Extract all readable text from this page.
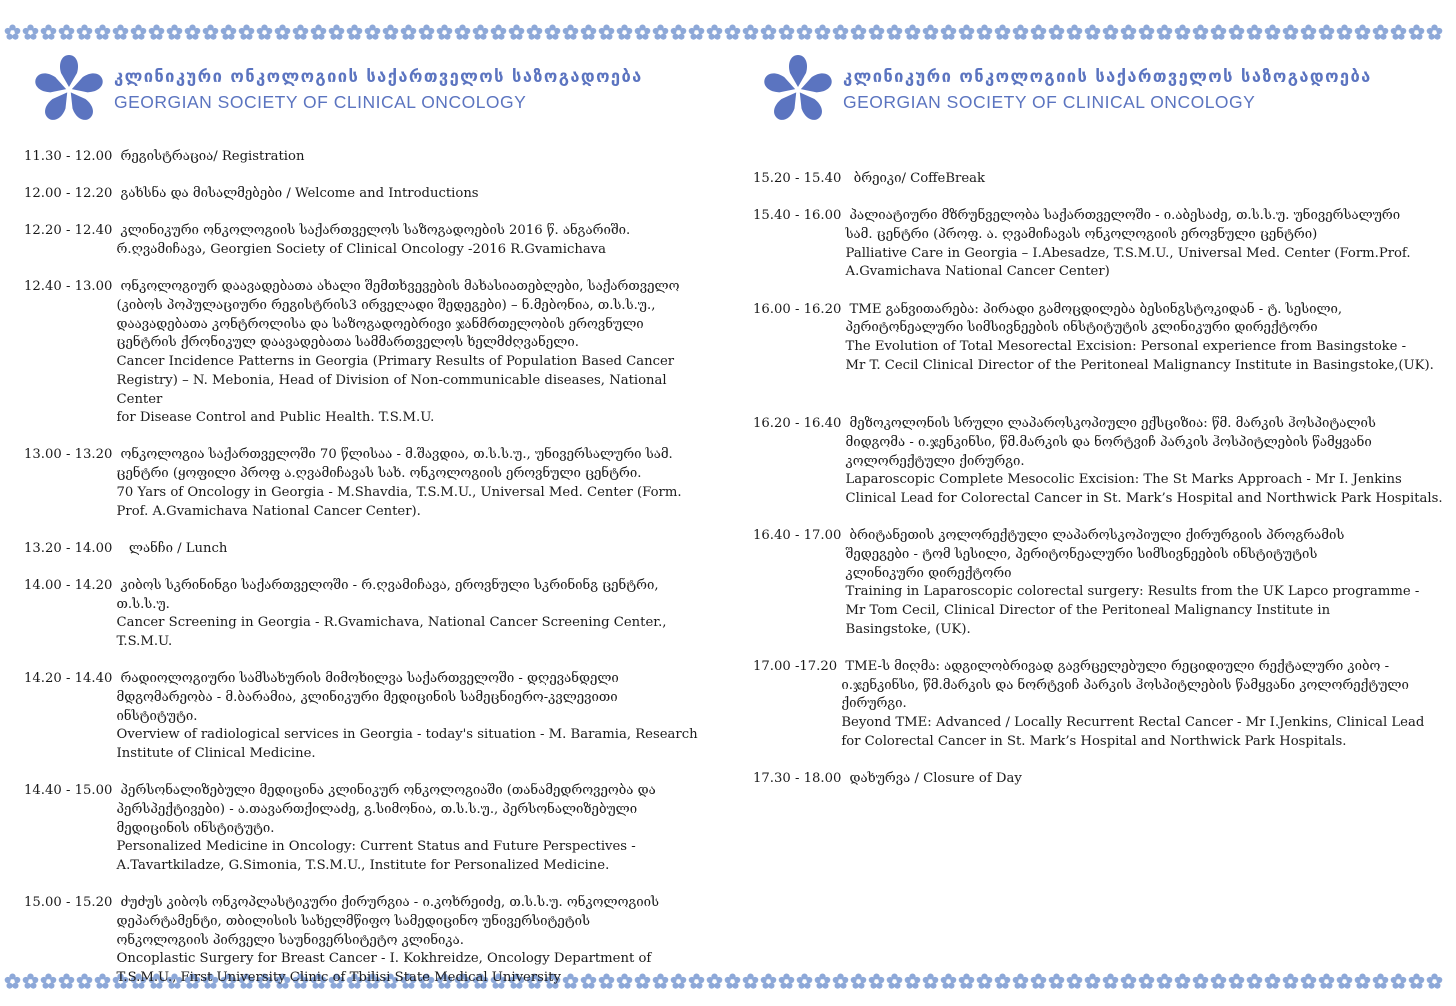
კლინიკური ონკოლოგიის საქართველოს საზოგადოება
GEORGIAN SOCIETY OF CLINICAL ONCOLOGY
11.30 - 12.00 რეგისტრაცია/ Registration
12.00 - 12.20 გახსნა და მისალმებები / Welcome and Introductions
12.20 - 12.40 კლინიკური ონკოლოგიის საქართველოს საზოგადოების 2016 წ. ანგარიში.
რ.ღვამიჩავა, Georgien Society of Clinical Oncology -2016 R.Gvamichava
12.40 - 13.00 ონკოლოგიურ დაავადებათა ახალი შემთხვევების მახასიათებლები, საქართველო
(კიბოს პოპულაციური რეგისტრის3 ირველადი შედეგები) – ნ.მებონია, თ.ს.ს.უ.,
დაავადებათა კონტროლისა და საზოგადოებრივი ჯანმრთელობის ეროვნული
ცენტრის ქრონიკულ დაავადებათა სამმართველოს ხელმძღვანელი.
Cancer Incidence Patterns in Georgia (Primary Results of Population Based Cancer
Registry) – N. Mebonia, Head of Division of Non-communicable diseases, National Center
for Disease Control and Public Health. T.S.M.U.
13.00 - 13.20 ონკოლოგია საქართველოში 70 წლისაა - მ.შავდია, თ.ს.ს.უ., უნივერსალური სამ.
ცენტრი (ყოფილი პროფ ა.ღვამიჩავას სახ. ონკოლოგიის ეროვნული ცენტრი.
70 Yars of Oncology in Georgia - M.Shavdia, T.S.M.U., Universal Med. Center (Form.
Prof. A.Gvamichava National Cancer Center).
13.20 - 14.00 ლანჩი / Lunch
14.00 - 14.20 კიბოს სკრინინგი საქართველოში - რ.ღვამიჩავა, ეროვნული სკრინინგ ცენტრი,
თ.ს.ს.უ.
Cancer Screening in Georgia - R.Gvamichava, National Cancer Screening Center., T.S.M.U.
14.20 - 14.40 რადიოლოგიური სამსახურის მიმოხილვა საქართველოში - დღევანდელი
მდგომარეობა - მ.ბარამია, კლინიკური მედიცინის სამეცნიერო-კვლევითი
ინსტიტუტი.
Overview of radiological services in Georgia - today's situation - M. Baramia, Research
Institute of Clinical Medicine.
14.40 - 15.00 პერსონალიზებული მედიცინა კლინიკურ ონკოლოგიაში (თანამედროვეობა და
პერსპექტივები) - ა.თავართქილაძე, გ.სიმონია, თ.ს.ს.უ., პერსონალიზებული
მედიცინის ინსტიტუტი.
Personalized Medicine in Oncology: Current Status and Future Perspectives -
A.Tavartkiladze, G.Simonia, T.S.M.U., Institute for Personalized Medicine.
15.00 - 15.20 ძუძუს კიბოს ონკოპლასტიკური ქირურგია - ი.კოხრეიძე, თ.ს.ს.უ. ონკოლოგიის
დეპარტამენტი, თბილისის სახელმწიფო სამედიცინო უნივერსიტეტის
ონკოლოგიის პირველი საუნივერსიტეტო კლინიკა.
Oncoplastic Surgery for Breast Cancer - I. Kokhreidze, Oncology Department of
T.S.M.U., First University Clinic of Tbilisi State Medical University
კლინიკური ონკოლოგიის საქართველოს საზოგადოება
GEORGIAN SOCIETY OF CLINICAL ONCOLOGY
15.20 - 15.40 ბრეიკი/ CoffeBreak
15.40 - 16.00 პალიატიური მზრუნველობა საქართველოში - ი.აბესაძე, თ.ს.ს.უ. უნივერსალური
სამ. ცენტრი (პროფ. ა. ღვამიჩავას ონკოლოგიის ეროვნული ცენტრი)
Palliative Care in Georgia – I.Abesadze, T.S.M.U., Universal Med. Center (Form.Prof.
A.Gvamichava National Cancer Center)
16.00 - 16.20 TME განვითარება: პირადი გამოცდილება ბესინგსტოკიდან - ტ. სესილი,
პერიტონეალური სიმსივნეების ინსტიტუტის კლინიკური დირექტორი
The Evolution of Total Mesorectal Excision: Personal experience from Basingstoke -
Mr T. Cecil Clinical Director of the Peritoneal Malignancy Institute in Basingstoke,(UK).
16.20 - 16.40 მეზოკოლონის სრული ლაპაროსკოპიული ექსციზია: წმ. მარკის ჰოსპიტალის
მიდგომა - ი.ჯენკინსი, წმ.მარკის და ნორტვიჩ პარკის ჰოსპიტლების წამყვანი
კოლორექტული ქირურგი.
Laparoscopic Complete Mesocolic Excision: The St Marks Approach - Mr I. Jenkins
Clinical Lead for Colorectal Cancer in St. Mark’s Hospital and Northwick Park Hospitals.
16.40 - 17.00 ბრიტანეთის კოლორექტული ლაპაროსკოპიული ქირურგიის პროგრამის
შედეგები - ტომ სესილი, პერიტონეალური სიმსივნეების ინსტიტუტის
კლინიკური დირექტორი
Training in Laparoscopic colorectal surgery: Results from the UK Lapco programme -
Mr Tom Cecil, Clinical Director of the Peritoneal Malignancy Institute in
Basingstoke, (UK).
17.00 -17.20 TME-ს მიღმა: ადგილობრივად გავრცელებული რეციდიული რექტალური კიბო -
ი.ჯენკინსი, წმ.მარკის და ნორტვიჩ პარკის ჰოსპიტლების წამყვანი კოლორექტული
ქირურგი.
Beyond TME: Advanced / Locally Recurrent Rectal Cancer - Mr I.Jenkins, Clinical Lead
for Colorectal Cancer in St. Mark’s Hospital and Northwick Park Hospitals.
17.30 - 18.00 დახურვა / Closure of Day
